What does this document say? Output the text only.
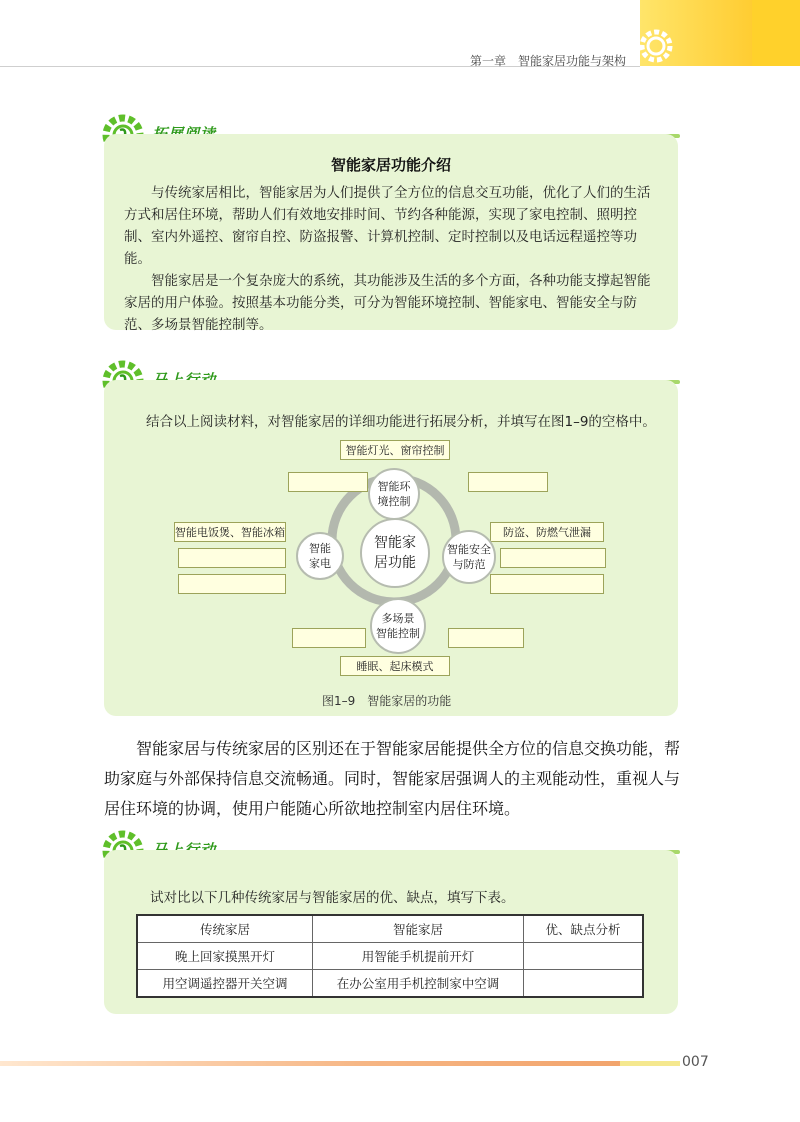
第一章　智能家居功能与架构
智能家居功能介绍

与传统家居相比，智能家居为人们提供了全方位的信息交互功能，优化了人们的生活方式和居住环境，帮助人们有效地安排时间、节约各种能源，实现了家电控制、照明控制、室内外遥控、窗帘自控、防盗报警、计算机控制、定时控制以及电话远程遥控等功能。

智能家居是一个复杂庞大的系统，其功能涉及生活的多个方面，各种功能支撑起智能家居的用户体验。按照基本功能分类，可分为智能环境控制、智能家电、智能安全与防范、多场景智能控制等。

结合以上阅读材料，对智能家居的详细功能进行拓展分析，并填写在图1–9的空格中。
智能灯光、窗帘控制
智能电饭煲、智能冰箱	防盗、防燃气泄漏
睡眠、起床模式
智能环
境控制
智能
家电
智能安全
与防范
多场景
智能控制
智能家
居功能
图1–9　智能家居的功能

智能家居与传统家居的区别还在于智能家居能提供全方位的信息交换功能，帮助家庭与外部保持信息交流畅通。同时，智能家居强调人的主观能动性，重视人与居住环境的协调，使用户能随心所欲地控制室内居住环境。

试对比以下几种传统家居与智能家居的优、缺点，填写下表。
传统家居	智能家居	优、缺点分析
晚上回家摸黑开灯	用智能手机提前开灯	
用空调遥控器开关空调	在办公室用手机控制家中空调	
007
